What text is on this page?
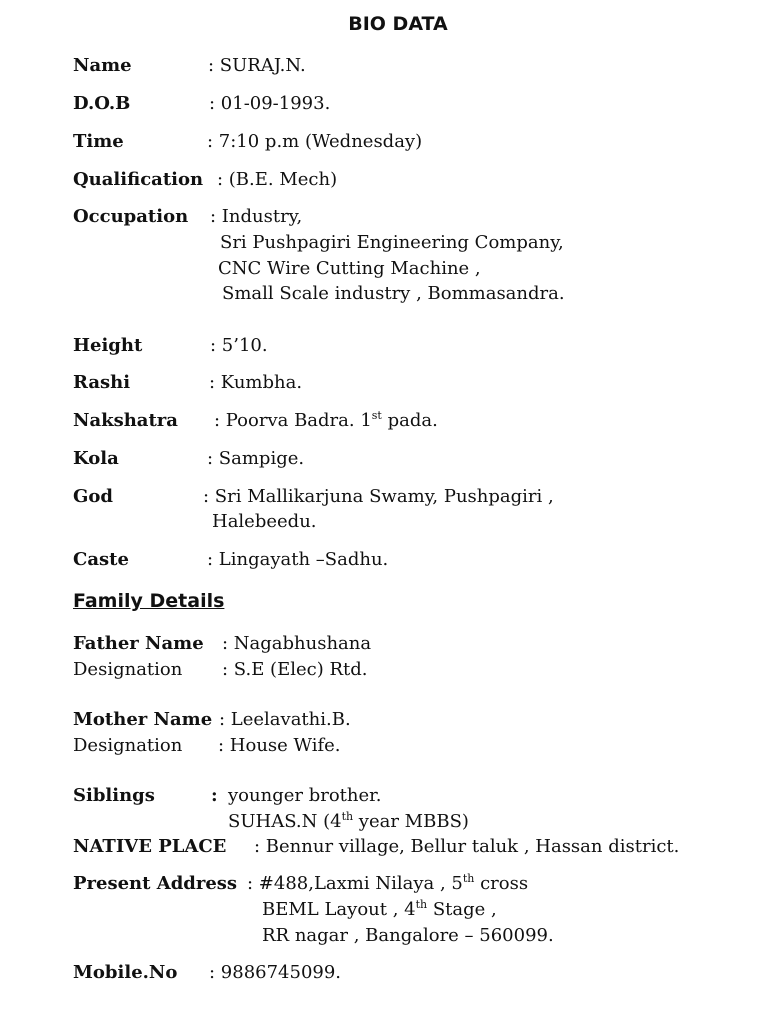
BIO DATA
Name	: SURAJ.N.
D.O.B	: 01-09-1993.
Time	: 7:10 p.m (Wednesday)
Qualification : (B.E. Mech)
Occupation : Industry,
Sri Pushpagiri Engineering Company,
CNC Wire Cutting Machine ,
Small Scale industry , Bommasandra.
Height	: 5’10.
Rashi	: Kumbha.
Nakshatra : Poorva Badra. 1st pada.
Kola	: Sampige.
God	: Sri Mallikarjuna Swamy, Pushpagiri ,
Halebeedu.
Caste	: Lingayath –Sadhu.
Family Details
Father Name : Nagabhushana
Designation : S.E (Elec) Rtd.
Mother Name : Leelavathi.B.
Designation : House Wife.
Siblings	: younger brother.
SUHAS.N (4th year MBBS)
NATIVE PLACE : Bennur village, Bellur taluk , Hassan district.
Present Address : #488,Laxmi Nilaya , 5th cross
BEML Layout , 4th Stage ,
RR nagar , Bangalore – 560099.
Mobile.No : 9886745099.
